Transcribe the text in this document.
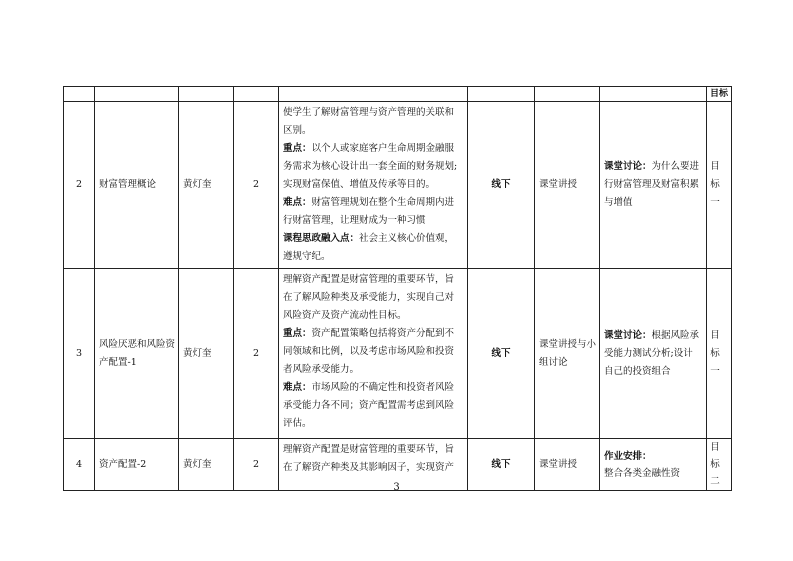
								目标
2	财富管理概论	黄灯奎	2	使学生了解财富管理与资产管理的关联和区别。
重点：以个人或家庭客户生命周期金融服务需求为核心设计出一套全面的财务规划;实现财富保值、增值及传承等目的。
难点：财富管理规划在整个生命周期内进行财富管理，让理财成为一种习惯
课程思政融入点：社会主义核心价值观，遵规守纪。	线下	课堂讲授	课堂讨论：为什么要进行财富管理及财富积累与增值	目标一
3	风险厌恶和风险资产配置-1	黄灯奎	2	理解资产配置是财富管理的重要环节，旨在了解风险种类及承受能力，实现自己对风险资产及资产流动性目标。
重点：资产配置策略包括将资产分配到不同领域和比例，以及考虑市场风险和投资者风险承受能力。
难点：市场风险的不确定性和投资者风险承受能力各不同；资产配置需考虑到风险评估。	线下	课堂讲授与小组讨论	课堂讨论：根据风险承受能力测试分析;设计自己的投资组合	目标一
4	资产配置-2	黄灯奎	2	理解资产配置是财富管理的重要环节，旨在了解资产种类及其影响因子，实现资产	线下	课堂讲授	作业安排：
整合各类金融性资	目标二
3
